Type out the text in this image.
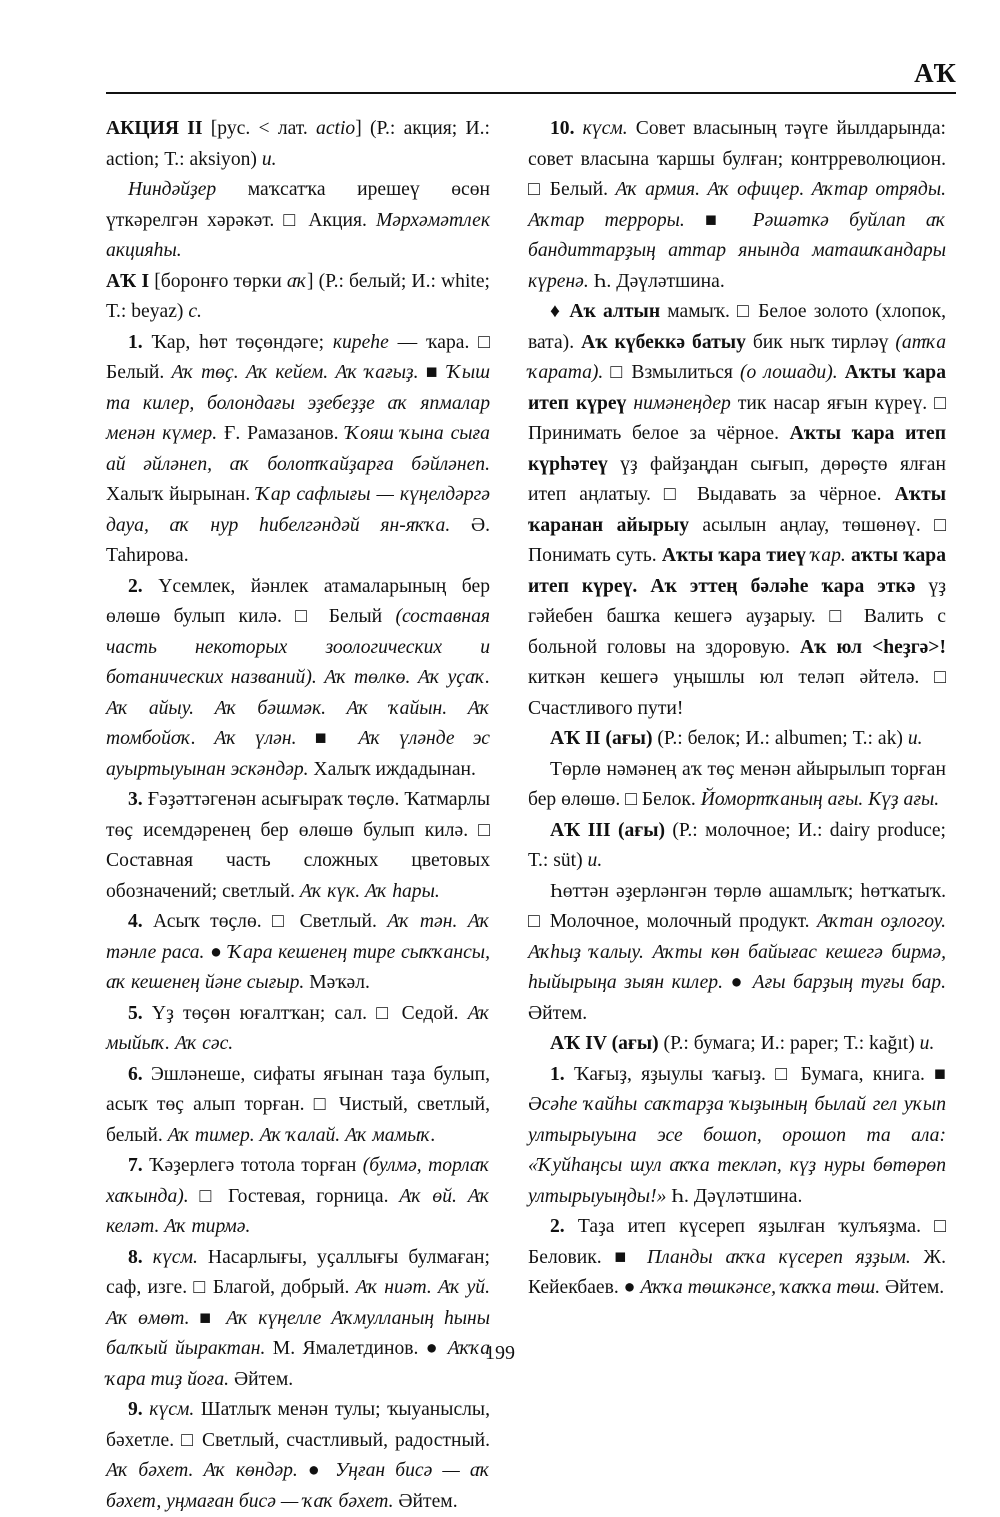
АҠ

АКЦИЯ II [рус. < лат. actio] (Р.: акция; И.: action; Т.: aksiyon) и.

Ниндәйҙер маҡсатҡа ирешеү өсөн үткәрелгән хәрәкәт. □ Акция. Мәрхәмәтлек акцияһы.

АҠ I [боронғо төрки аҡ] (Р.: белый; И.: white; Т.: beyaz) с.

1. Ҡар, һөт төҫөндәге; киреһе — ҡара. □ Белый. Аҡ төҫ. Аҡ кейем. Аҡ ҡағыҙ. ■ Ҡыш та килер, болондағы эҙебеҙҙе аҡ япмалар менән күмер. Ғ. Рамазанов. Ҡояш ҡына сыға ай әйләнеп, аҡ болотҡайҙарға бәйләнеп. Халыҡ йырынан. Ҡар сафлығы — күңелдәргә дауа, аҡ нур һибелгәндәй ян-яҡҡа. Ә. Таһирова.

2. Үсемлек, йәнлек атамаларының бер өлөшө булып килә. □ Белый (составная часть некоторых зоологических и ботанических названий). Аҡ төлкө. Аҡ уҫаҡ. Аҡ айыу. Аҡ бәшмәк. Аҡ ҡайын. Аҡ томбойоҡ. Аҡ үлән. ■ Аҡ үләнде эс ауыртыуынан эскәндәр. Халыҡ иждадынан.

3. Ғәҙәттәгенән асығыраҡ төҫлө. Ҡатмарлы төҫ исемдәренең бер өлөшө булып килә. □ Составная часть сложных цветовых обозначений; светлый. Аҡ күк. Аҡ һары.

4. Асыҡ төҫлө. □ Светлый. Аҡ тән. Аҡ тәнле раса. ● Ҡара кешенең тире сыҡҡансы, аҡ кешенең йәне сығыр. Мәҡәл.

5. Үҙ төҫөн юғалтҡан; сал. □ Седой. Аҡ мыйыҡ. Аҡ сәс.

6. Эшләнеше, сифаты яғынан таҙа булып, асыҡ төҫ алып торған. □ Чистый, светлый, белый. Аҡ тимер. Аҡ ҡалай. Аҡ мамыҡ.

7. Ҡәҙерлегә тотола торған (булмә, торлаҡ хаҡында). □ Гостевая, горница. Аҡ өй. Аҡ келәт. Аҡ тирмә.

8. күсм. Насарлығы, уҫаллығы булмаған; саф, изге. □ Благой, добрый. Аҡ ниәт. Аҡ уй. Аҡ өмөт. ■ Аҡ күңелле Аҡмулланың һыны балҡый йырактан. М. Ямалетдинов. ● Аҡҡа ҡара тиҙ йоға. Әйтем.

9. күсм. Шатлыҡ менән тулы; ҡыуаныслы, бәхетле. □ Светлый, счастливый, радостный. Аҡ бәхет. Аҡ көндәр. ● Уңған бисә — аҡ бәхет, уңмаған бисә — ҡаҡ бәхет. Әйтем.

10. күсм. Совет власының тәүге йылдарында: совет власына ҡаршы булған; контрреволюцион. □ Белый. Аҡ армия. Аҡ офицер. Аҡтар отряды. Аҡтар терроры. ■ Рәшәткә буйлап аҡ бандиттарҙың аттар янында маташҡандары күренә. Һ. Дәүләтшина.

♦ Аҡ алтын мамыҡ. □ Белое золото (хлопок, вата). Аҡ күбеккә батыу бик ныҡ тирләү (атҡа ҡарата). □ Взмылиться (о лошади). Аҡты ҡара итеп күреү нимәнеңдер тик насар яғын күреү. □ Принимать белое за чёрное. Аҡты ҡара итеп күрһәтеү үҙ файҙаңдан сығып, дөрөҫтө ялған итеп аңлатыу. □ Выдавать за чёрное. Аҡты ҡаранан айырыу асылын аңлау, төшөнөү. □ Понимать суть. Аҡты ҡара тиеү ҡар. аҡты ҡара итеп күреү. Аҡ эттең бәләһе ҡара эткә үҙ гәйебен башҡа кешегә ауҙарыу. □ Валить с больной головы на здоровую. Аҡ юл <heҙгә>! киткән кешегә уңышлы юл теләп әйтелә. □ Счастливого пути!

АҠ II (ағы) (Р.: белок; И.: albumen; Т.: ak) и.

Төрлө нәмәнең аҡ төҫ менән айырылып торған бер өлөшө. □ Белок. Йомортҡаның ағы. Күҙ ағы.

АҠ III (ағы) (Р.: молочное; И.: dairy produce; Т.: süt) и.

Һөттән әҙерләнгән төрлө ашамлыҡ; һөтҡатыҡ. □ Молочное, молочный продукт. Аҡтан оҙлогоу. Аҡһыҙ ҡалыу. Аҡты көн байығас кешегә бирмә, һыйырыңа зыян килер. ● Ағы барҙың туғы бар. Әйтем.

АҠ IV (ағы) (Р.: бумага; И.: paper; Т.: kağıt) и.

1. Ҡағыҙ, яҙыулы ҡағыҙ. □ Бумага, книга. ■ Әсәһе ҡайһы саҡтарҙа ҡыҙының былай гел уҡып ултырыуына эсе бошоп, орошоп та ала: «Ҡуйһаңсы шул аҡҡа теклəп, күҙ нуры бөтөрөп ултырыуыңды!» Һ. Дәүләтшина.

2. Таҙа итеп күсереп яҙылған ҡулъяҙма. □ Беловик. ■ Планды аҡҡа күсереп яҙҙым. Ж. Кейекбаев. ● Аҡҡа төшкәнсе, ҡаҡҡа төш. Әйтем.

199
